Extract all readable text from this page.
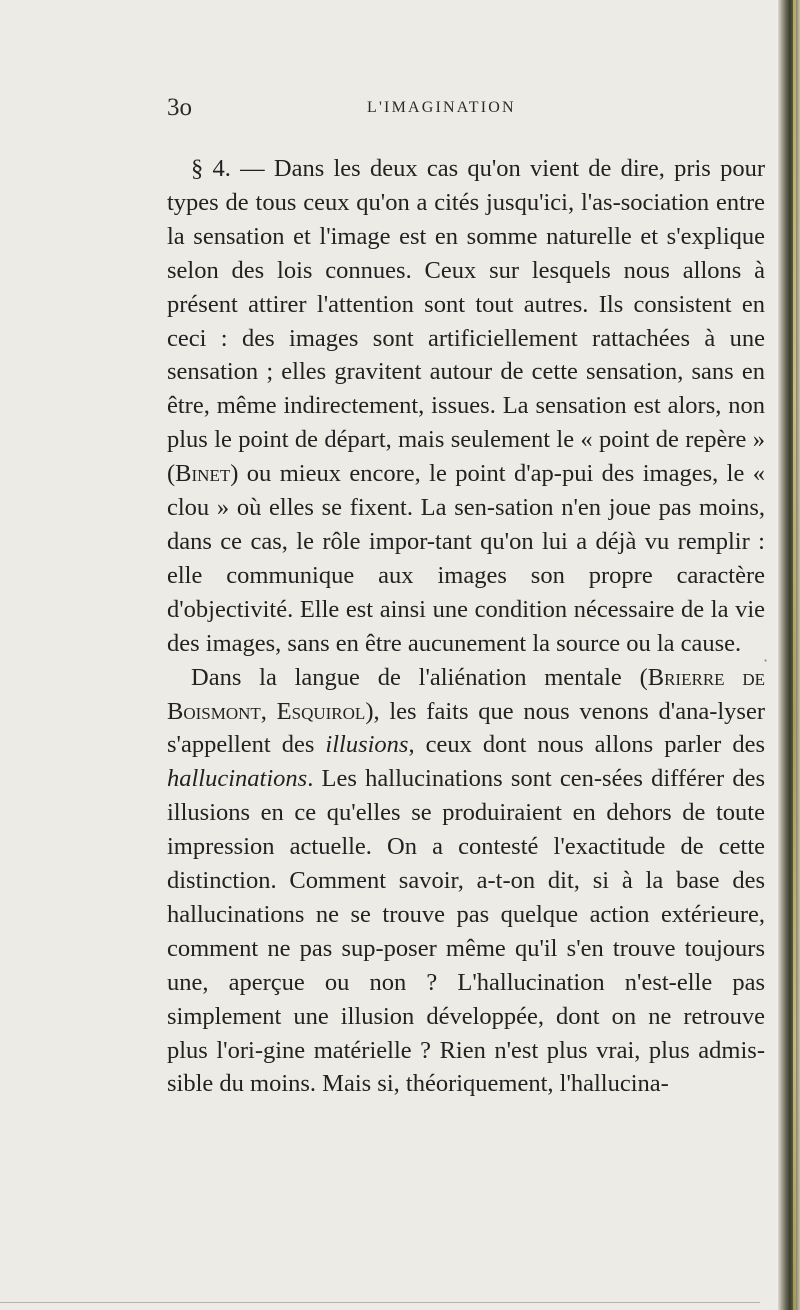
3o	L'IMAGINATION

§ 4. — Dans les deux cas qu'on vient de dire, pris pour types de tous ceux qu'on a cités jusqu'ici, l'as-sociation entre la sensation et l'image est en somme naturelle et s'explique selon des lois connues. Ceux sur lesquels nous allons à présent attirer l'attention sont tout autres. Ils consistent en ceci : des images sont artificiellement rattachées à une sensation ; elles gravitent autour de cette sensation, sans en être, même indirectement, issues. La sensation est alors, non plus le point de départ, mais seulement le « point de repère » (Binet) ou mieux encore, le point d'ap-pui des images, le « clou » où elles se fixent. La sen-sation n'en joue pas moins, dans ce cas, le rôle impor-tant qu'on lui a déjà vu remplir : elle communique aux images son propre caractère d'objectivité. Elle est ainsi une condition nécessaire de la vie des images, sans en être aucunement la source ou la cause.

Dans la langue de l'aliénation mentale (Brierre de Boismont, Esquirol), les faits que nous venons d'ana-lyser s'appellent des illusions, ceux dont nous allons parler des hallucinations. Les hallucinations sont cen-sées différer des illusions en ce qu'elles se produiraient en dehors de toute impression actuelle. On a contesté l'exactitude de cette distinction. Comment savoir, a-t-on dit, si à la base des hallucinations ne se trouve pas quelque action extérieure, comment ne pas sup-poser même qu'il s'en trouve toujours une, aperçue ou non ? L'hallucination n'est-elle pas simplement une illusion développée, dont on ne retrouve plus l'ori-gine matérielle ? Rien n'est plus vrai, plus admis-sible du moins. Mais si, théoriquement, l'hallucina-

·
